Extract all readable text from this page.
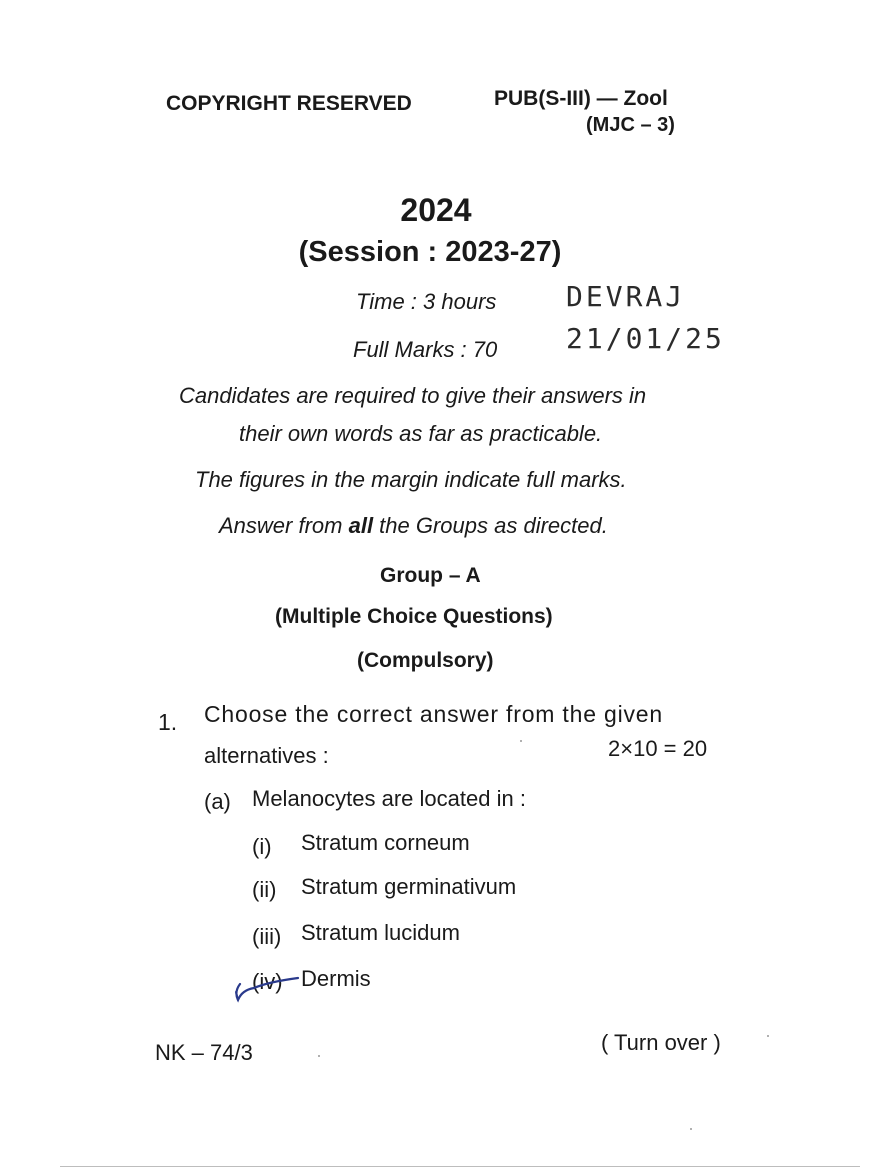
COPYRIGHT RESERVED	PUB(S-III) — Zool
(MJC – 3)
2024
(Session : 2023-27)
Time : 3 hours
Full Marks : 70
DEVRAJ
21/01/25
Candidates are required to give their answers in
their own words as far as practicable.
The figures in the margin indicate full marks.
Answer from all the Groups as directed.
Group – A
(Multiple Choice Questions)
(Compulsory)
1. Choose the correct answer from the given
alternatives :	2×10 = 20
(a) Melanocytes are located in :
(i) Stratum corneum
(ii) Stratum germinativum
(iii) Stratum lucidum
(iv) Dermis
NK – 74/3	( Turn over )
